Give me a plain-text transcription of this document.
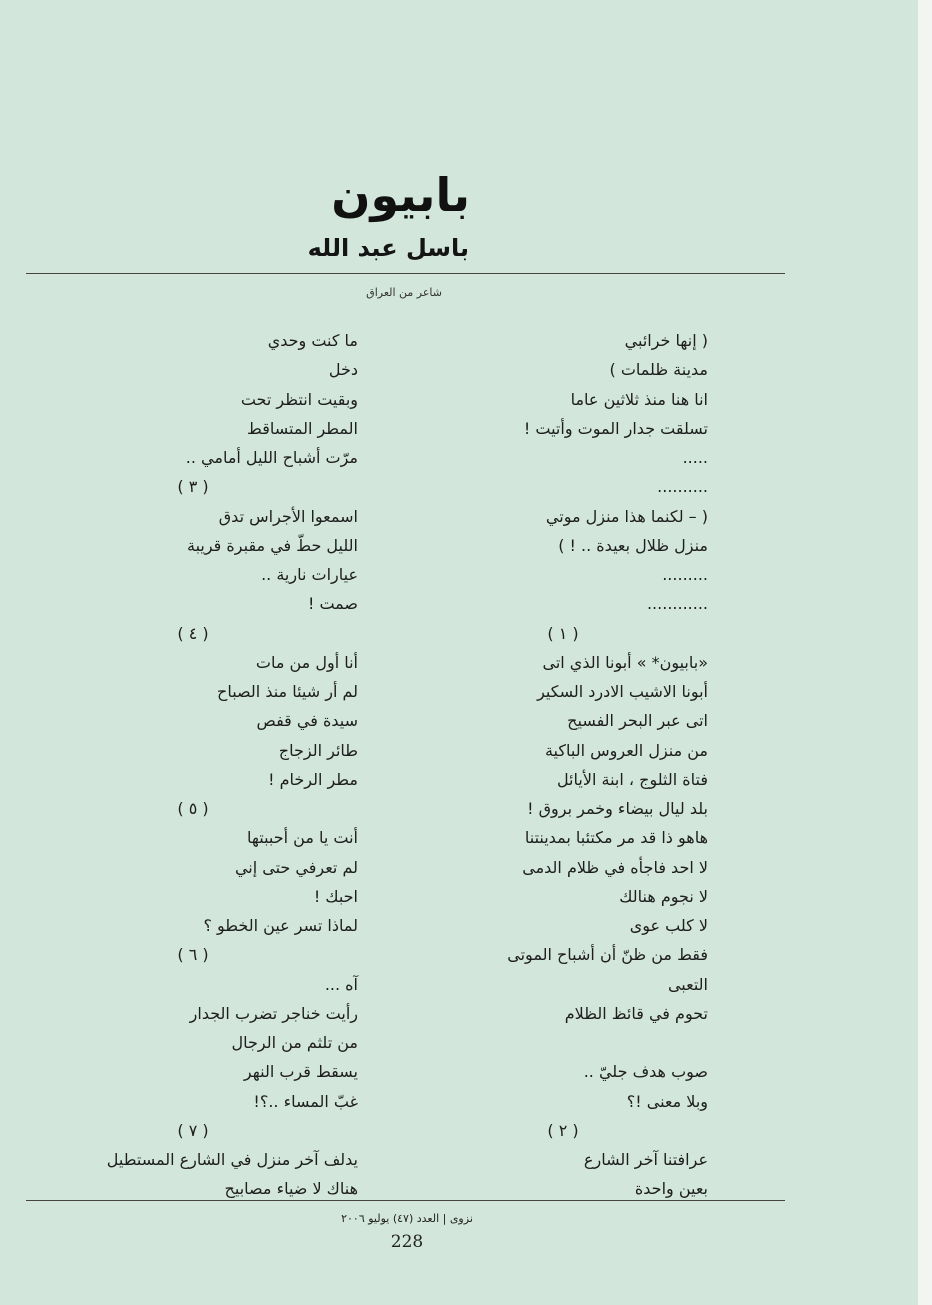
بابيون
باسل عبد الله
شاعر من العراق
( إنها خرائبي
مدينة ظلمات )
انا هنا منذ ثلاثين عاما
تسلقت جدار الموت وأتيت !
.....
..........
( – لكنما هذا منزل موتي
منزل ظلال بعيدة .. ! )
.........
............
( ١ )
«بابيون* » أبونا الذي اتى
أبونا الاشيب الادرد السكير
اتى عبر البحر الفسيح
من منزل العروس الباكية
فتاة الثلوج ، ابنة الأيائل
بلد ليال بيضاء وخمر بروق !
هاهو ذا قد مر مكتئبا بمدينتنا
لا احد فاجأه في ظلام الدمى
لا نجوم هنالك
لا كلب عوى
فقط من ظنّ أن أشباح الموتى
التعبى
تحوم في قائظ الظلام
صوب هدف جليّ ..
وبلا معنى !؟
( ٢ )
عرافتنا آخر الشارع
بعين واحدة
ما كنت وحدي
دخل
وبقيت انتظر تحت
المطر المتساقط
مرّت أشباح الليل أمامي ..
( ٣ )
اسمعوا الأجراس تدق
الليل حطّ في مقبرة قريبة
عيارات نارية ..
صمت !
( ٤ )
أنا أول من مات
لم أر شيئا منذ الصباح
سيدة في قفص
طائر الزجاج
مطر الرخام !
( ٥ )
أنت يا من أحببتها
لم تعرفي حتى إني
احبك !
لماذا تسر عين الخطو ؟
( ٦ )
آه ...
رأيت خناجر تضرب الجدار
من تلثم من الرجال
يسقط قرب النهر
غبّ المساء ..؟!
( ٧ )
يدلف آخر منزل في الشارع المستطيل
هناك لا ضياء مصابيح
نزوى | العدد (٤٧) يوليو ٢٠٠٦
228
